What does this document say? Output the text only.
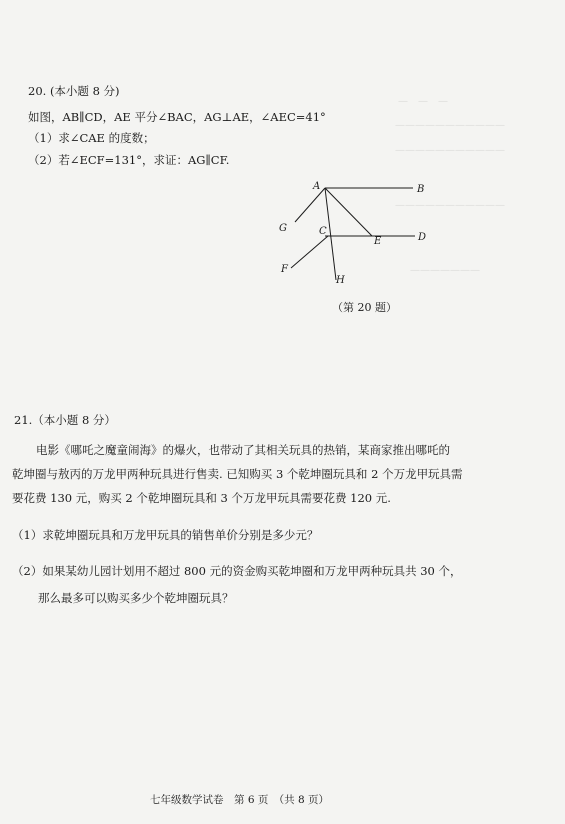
—　—　—
———————————
———————————
———————————
———————
20. (本小题 8 分)
如图，AB∥CD，AE 平分∠BAC，AG⊥AE，∠AEC=41°
（1）求∠CAE 的度数；
（2）若∠ECF=131°，求证：AG∥CF.
A	B
C
D
E
F
G
H
（第 20 题）
21.（本小题 8 分）
电影《哪吒之魔童闹海》的爆火，也带动了其相关玩具的热销，某商家推出哪吒的
乾坤圈与敖丙的万龙甲两种玩具进行售卖. 已知购买 3 个乾坤圈玩具和 2 个万龙甲玩具需
要花费 130 元，购买 2 个乾坤圈玩具和 3 个万龙甲玩具需要花费 120 元.
（1）求乾坤圈玩具和万龙甲玩具的销售单价分别是多少元？
（2）如果某幼儿园计划用不超过 800 元的资金购买乾坤圈和万龙甲两种玩具共 30 个，
那么最多可以购买多少个乾坤圈玩具？
七年级数学试卷　第 6 页　（共 8 页）
